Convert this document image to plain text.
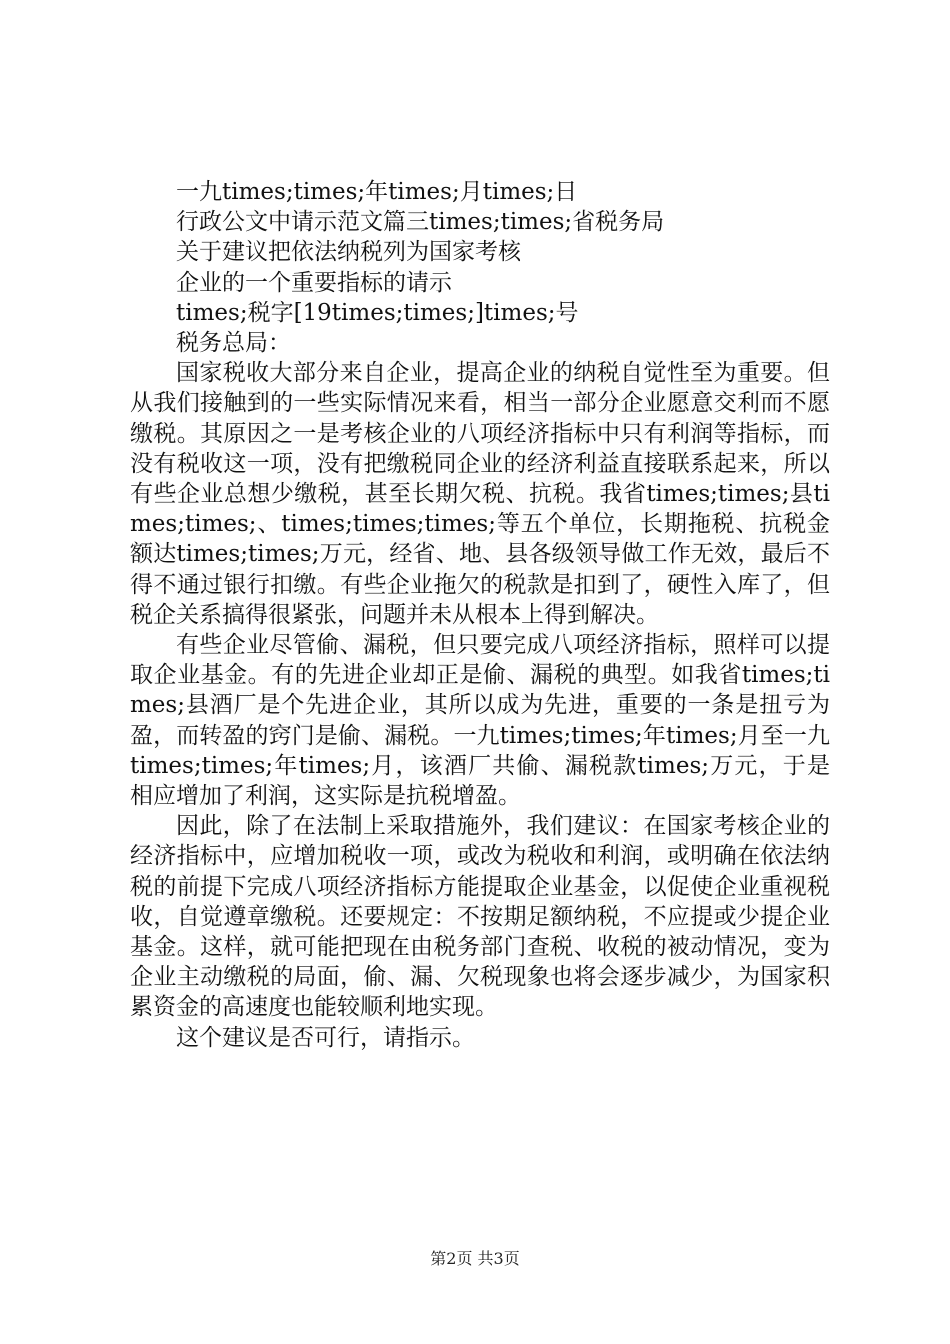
一九times;times;年times;月times;日
行政公文中请示范文篇三times;times;省税务局
关于建议把依法纳税列为国家考核
企业的一个重要指标的请示
times;税字[19times;times;]times;号
税务总局：

国家税收大部分来自企业，提高企业的纳税自觉性至为重要。但从我们接触到的一些实际情况来看，相当一部分企业愿意交利而不愿缴税。其原因之一是考核企业的八项经济指标中只有利润等指标，而没有税收这一项，没有把缴税同企业的经济利益直接联系起来，所以有些企业总想少缴税，甚至长期欠税、抗税。我省times;times;县times;times;、times;times;times;等五个单位，长期拖税、抗税金额达times;times;万元，经省、地、县各级领导做工作无效，最后不得不通过银行扣缴。有些企业拖欠的税款是扣到了，硬性入库了，但税企关系搞得很紧张，问题并未从根本上得到解决。

有些企业尽管偷、漏税，但只要完成八项经济指标，照样可以提取企业基金。有的先进企业却正是偷、漏税的典型。如我省times;times;县酒厂是个先进企业，其所以成为先进，重要的一条是扭亏为盈，而转盈的窍门是偷、漏税。一九times;times;年times;月至一九times;times;年times;月，该酒厂共偷、漏税款times;万元，于是相应增加了利润，这实际是抗税增盈。

因此，除了在法制上采取措施外，我们建议：在国家考核企业的经济指标中，应增加税收一项，或改为税收和利润，或明确在依法纳税的前提下完成八项经济指标方能提取企业基金，以促使企业重视税收，自觉遵章缴税。还要规定：不按期足额纳税，不应提或少提企业基金。这样，就可能把现在由税务部门查税、收税的被动情况，变为企业主动缴税的局面，偷、漏、欠税现象也将会逐步减少，为国家积累资金的高速度也能较顺利地实现。

这个建议是否可行，请指示。

第2页 共3页
